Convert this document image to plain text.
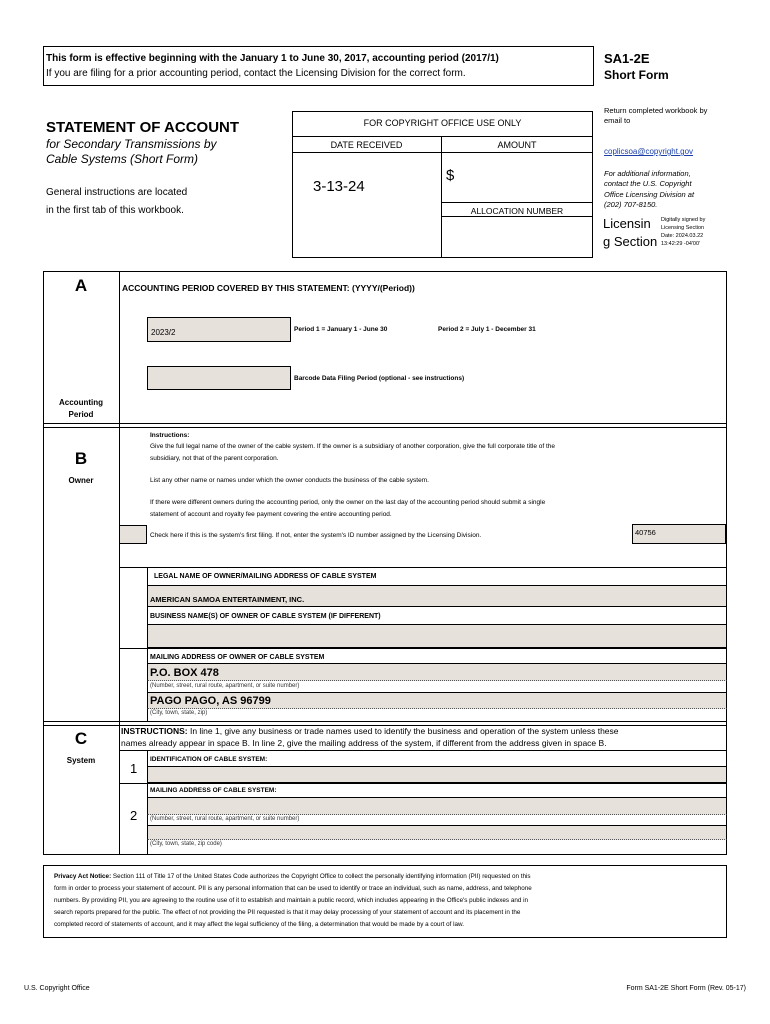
This form is effective beginning with the January 1 to June 30, 2017, accounting period (2017/1)
If you are filing for a prior accounting period, contact the Licensing Division for the correct form.
SA1-2E
Short Form
STATEMENT OF ACCOUNT
for Secondary Transmissions by
Cable Systems (Short Form)
General instructions are located
in the first tab of this workbook.
FOR COPYRIGHT OFFICE USE ONLY
DATE RECEIVED	AMOUNT
3-13-24
$
ALLOCATION NUMBER
Return completed workbook by email to
coplicsoa@copyright.gov
For additional information,
contact the U.S. Copyright
Office Licensing Division at
(202) 707-8150.
Licensin
g Section
Digitally signed by
Licensing Section
Date: 2024.03.22
13:42:29 -04'00'
A
Accounting
Period
ACCOUNTING PERIOD COVERED BY THIS STATEMENT: (YYYY/(Period))
2023/2	Period 1 = January 1 - June 30	Period 2 = July 1 - December 31
Barcode Data Filing Period (optional - see instructions)
B
Owner
Instructions:
Give the full legal name of the owner of the cable system. If the owner is a subsidiary of another corporation, give the full corporate title of the
subsidiary, not that of the parent corporation.
List any other name or names under which the owner conducts the business of the cable system.
If there were different owners during the accounting period, only the owner on the last day of the accounting period should submit a single
statement of account and royalty fee payment covering the entire accounting period.
Check here if this is the system's first filing. If not, enter the system's ID number assigned by the Licensing Division.	40756
LEGAL NAME OF OWNER/MAILING ADDRESS OF CABLE SYSTEM
AMERICAN SAMOA ENTERTAINMENT, INC.
BUSINESS NAME(S) OF OWNER OF CABLE SYSTEM (IF DIFFERENT)
MAILING ADDRESS OF OWNER OF CABLE SYSTEM
P.O. BOX 478
(Number, street, rural route, apartment, or suite number)
PAGO PAGO, AS 96799
(City, town, state, zip)
C
System
INSTRUCTIONS: In line 1, give any business or trade names used to identify the business and operation of the system unless these
names already appear in space B. In line 2, give the mailing address of the system, if different from the address given in space B.
1
IDENTIFICATION OF CABLE SYSTEM:
2
MAILING ADDRESS OF CABLE SYSTEM:
(Number, street, rural route, apartment, or suite number)
(City, town, state, zip code)
Privacy Act Notice: Section 111 of Title 17 of the United States Code authorizes the Copyright Office to collect the personally identifying information (PII) requested on this
form in order to process your statement of account. PII is any personal information that can be used to identify or trace an individual, such as name, address, and telephone
numbers. By providing PII, you are agreeing to the routine use of it to establish and maintain a public record, which includes appearing in the Office's public indexes and in
search reports prepared for the public. The effect of not providing the PII requested is that it may delay processing of your statement of account and its placement in the
completed record of statements of account, and it may affect the legal sufficiency of the filing, a determination that would be made by a court of law.
U.S. Copyright Office	Form SA1-2E Short Form (Rev. 05-17)
